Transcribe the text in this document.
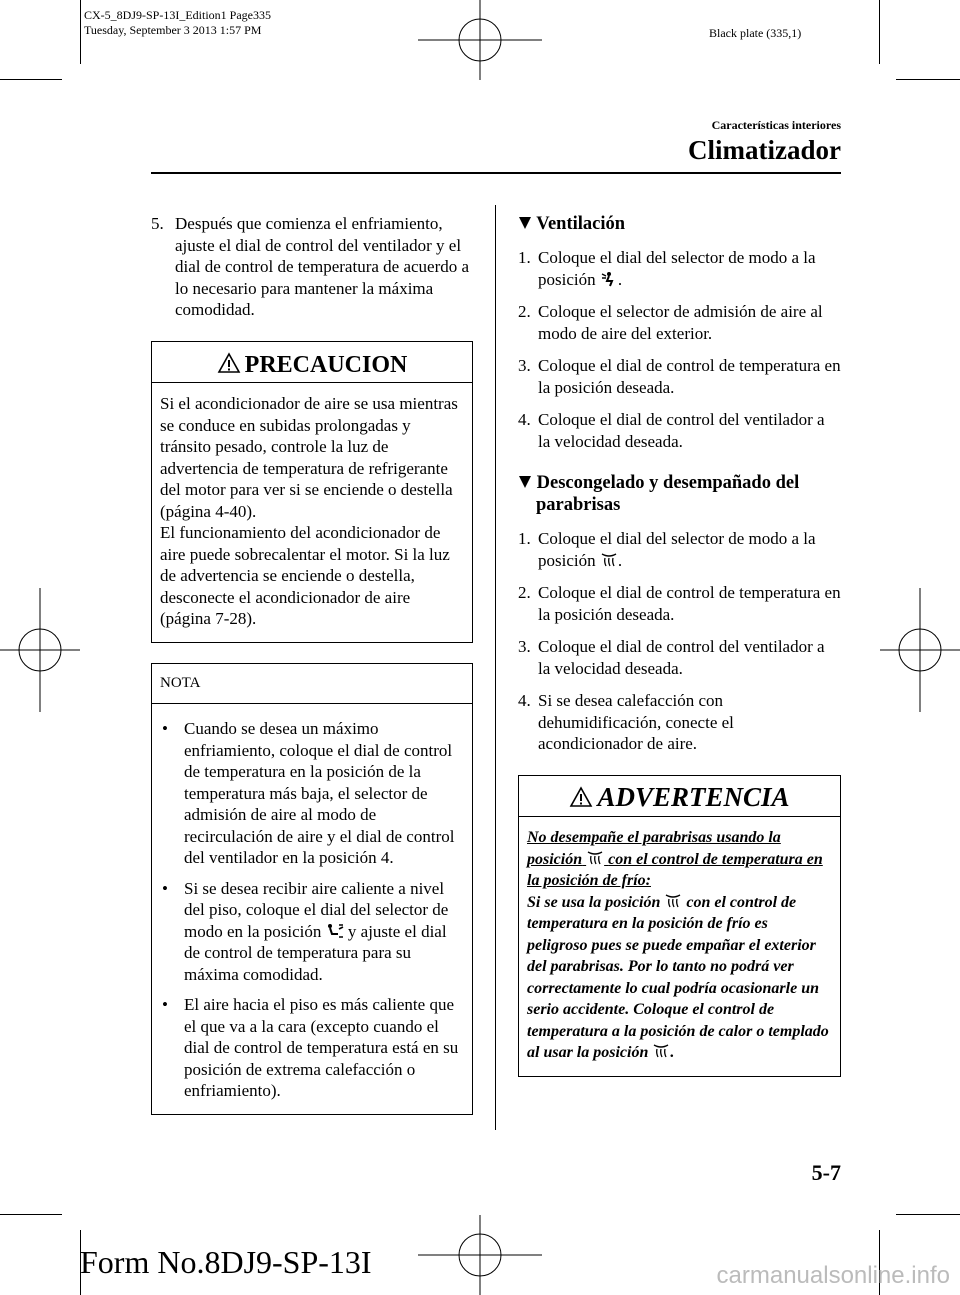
CX-5_8DJ9-SP-13I_Edition1 Page335
Tuesday, September 3 2013 1:57 PM	Black plate (335,1)
Características interiores
Climatizador
5. Después que comienza el enfriamiento, ajuste el dial de control del ventilador y el dial de control de temperatura de acuerdo a lo necesario para mantener la máxima comodidad.
PRECAUCION
Si el acondicionador de aire se usa mientras se conduce en subidas prolongadas y tránsito pesado, controle la luz de advertencia de temperatura de refrigerante del motor para ver si se enciende o destella (página 4-40).
El funcionamiento del acondicionador de aire puede sobrecalentar el motor. Si la luz de advertencia se enciende o destella, desconecte el acondicionador de aire (página 7-28).
NOTA
• Cuando se desea un máximo enfriamiento, coloque el dial de control de temperatura en la posición de la temperatura más baja, el selector de admisión de aire al modo de recirculación de aire y el dial de control del ventilador en la posición 4.
• Si se desea recibir aire caliente a nivel del piso, coloque el dial del selector de modo en la posición y ajuste el dial de control de temperatura para su máxima comodidad.
• El aire hacia el piso es más caliente que el que va a la cara (excepto cuando el dial de control de temperatura está en su posición de extrema calefacción o enfriamiento).
Ventilación
1. Coloque el dial del selector de modo a la posición .
2. Coloque el selector de admisión de aire al modo de aire del exterior.
3. Coloque el dial de control de temperatura en la posición deseada.
4. Coloque el dial de control del ventilador a la velocidad deseada.
Descongelado y desempañado del parabrisas
1. Coloque el dial del selector de modo a la posición .
2. Coloque el dial de control de temperatura en la posición deseada.
3. Coloque el dial de control del ventilador a la velocidad deseada.
4. Si se desea calefacción con dehumidificación, conecte el acondicionador de aire.
ADVERTENCIA
No desempañe el parabrisas usando la posición con el control de temperatura en la posición de frío:
Si se usa la posición con el control de temperatura en la posición de frío es peligroso pues se puede empañar el exterior del parabrisas. Por lo tanto no podrá ver correctamente lo cual podría ocasionarle un serio accidente. Coloque el control de temperatura a la posición de calor o templado al usar la posición .
5-7
Form No.8DJ9-SP-13I	carmanualsonline.info
